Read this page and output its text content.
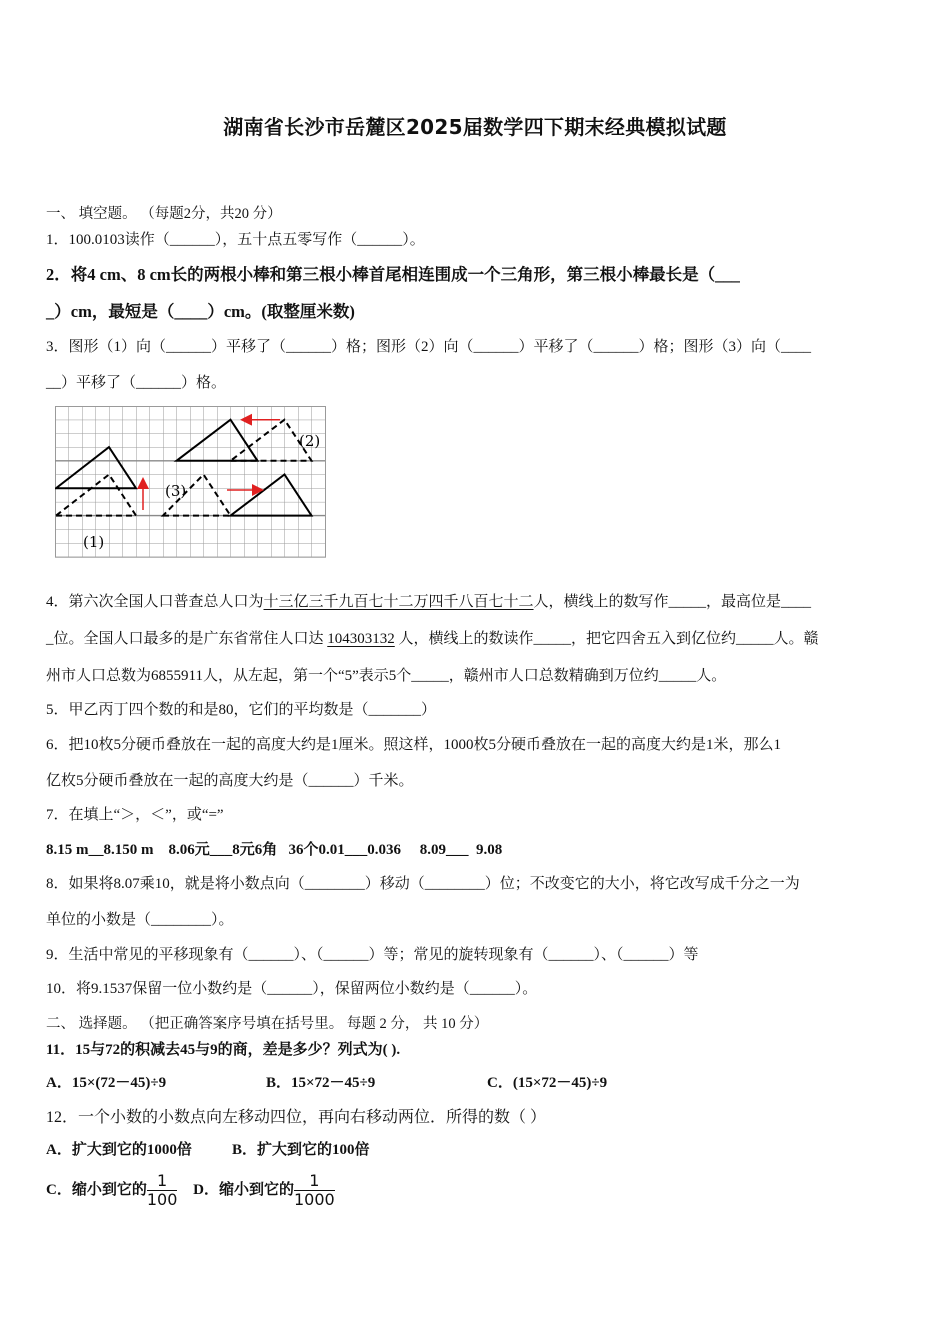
湖南省长沙市岳麓区2025届数学四下期末经典模拟试题
一、 填空题。 （每题2分，共20 分）
1．100.0103读作（______），五十点五零写作（______）。
2．将4 cm、8 cm长的两根小棒和第三根小棒首尾相连围成一个三角形，第三根小棒最长是（___
_）cm，最短是（____）cm。(取整厘米数)
3．图形（1）向（______）平移了（______）格；图形（2）向（______）平移了（______）格；图形（3）向（____
__）平移了（______）格。
(1)
(2)
(3)
4．第六次全国人口普查总人口为十三亿三千九百七十二万四千八百七十二人，横线上的数写作_____，最高位是____
_位。全国人口最多的是广东省常住人口达 104303132 人，横线上的数读作_____，把它四舍五入到亿位约_____人。赣
州市人口总数为6855911人，从左起，第一个“5”表示5个_____，赣州市人口总数精确到万位约_____人。
5．甲乙丙丁四个数的和是80，它们的平均数是（_______）
6．把10枚5分硬币叠放在一起的高度大约是1厘米。照这样，1000枚5分硬币叠放在一起的高度大约是1米，那么1
亿枚5分硬币叠放在一起的高度大约是（______）千米。
7．在填上“＞，＜”，或“=”
8.15 m__8.150 m    8.06元___8元6角   36个0.01___0.036     8.09___  9.08
8．如果将8.07乘10，就是将小数点向（________）移动（________）位；不改变它的大小，将它改写成千分之一为
单位的小数是（________）。
9．生活中常见的平移现象有（______）、（______）等；常见的旋转现象有（______）、（______）等
10．将9.1537保留一位小数约是（______），保留两位小数约是（______）。
二、 选择题。 （把正确答案序号填在括号里。 每题 2 分， 共 10 分）
11．15与72的积减去45与9的商，差是多少？列式为( ).
A．15×(72－45)÷9	B．15×72－45÷9	C．(15×72－45)÷9
12．一个小数的小数点向左移动四位，再向右移动两位．所得的数（ ）
A．扩大到它的1000倍	B．扩大到它的100倍
C．缩小到它的 $\frac{1}{100}$ D．缩小到它的 $\frac{1}{1000}$
